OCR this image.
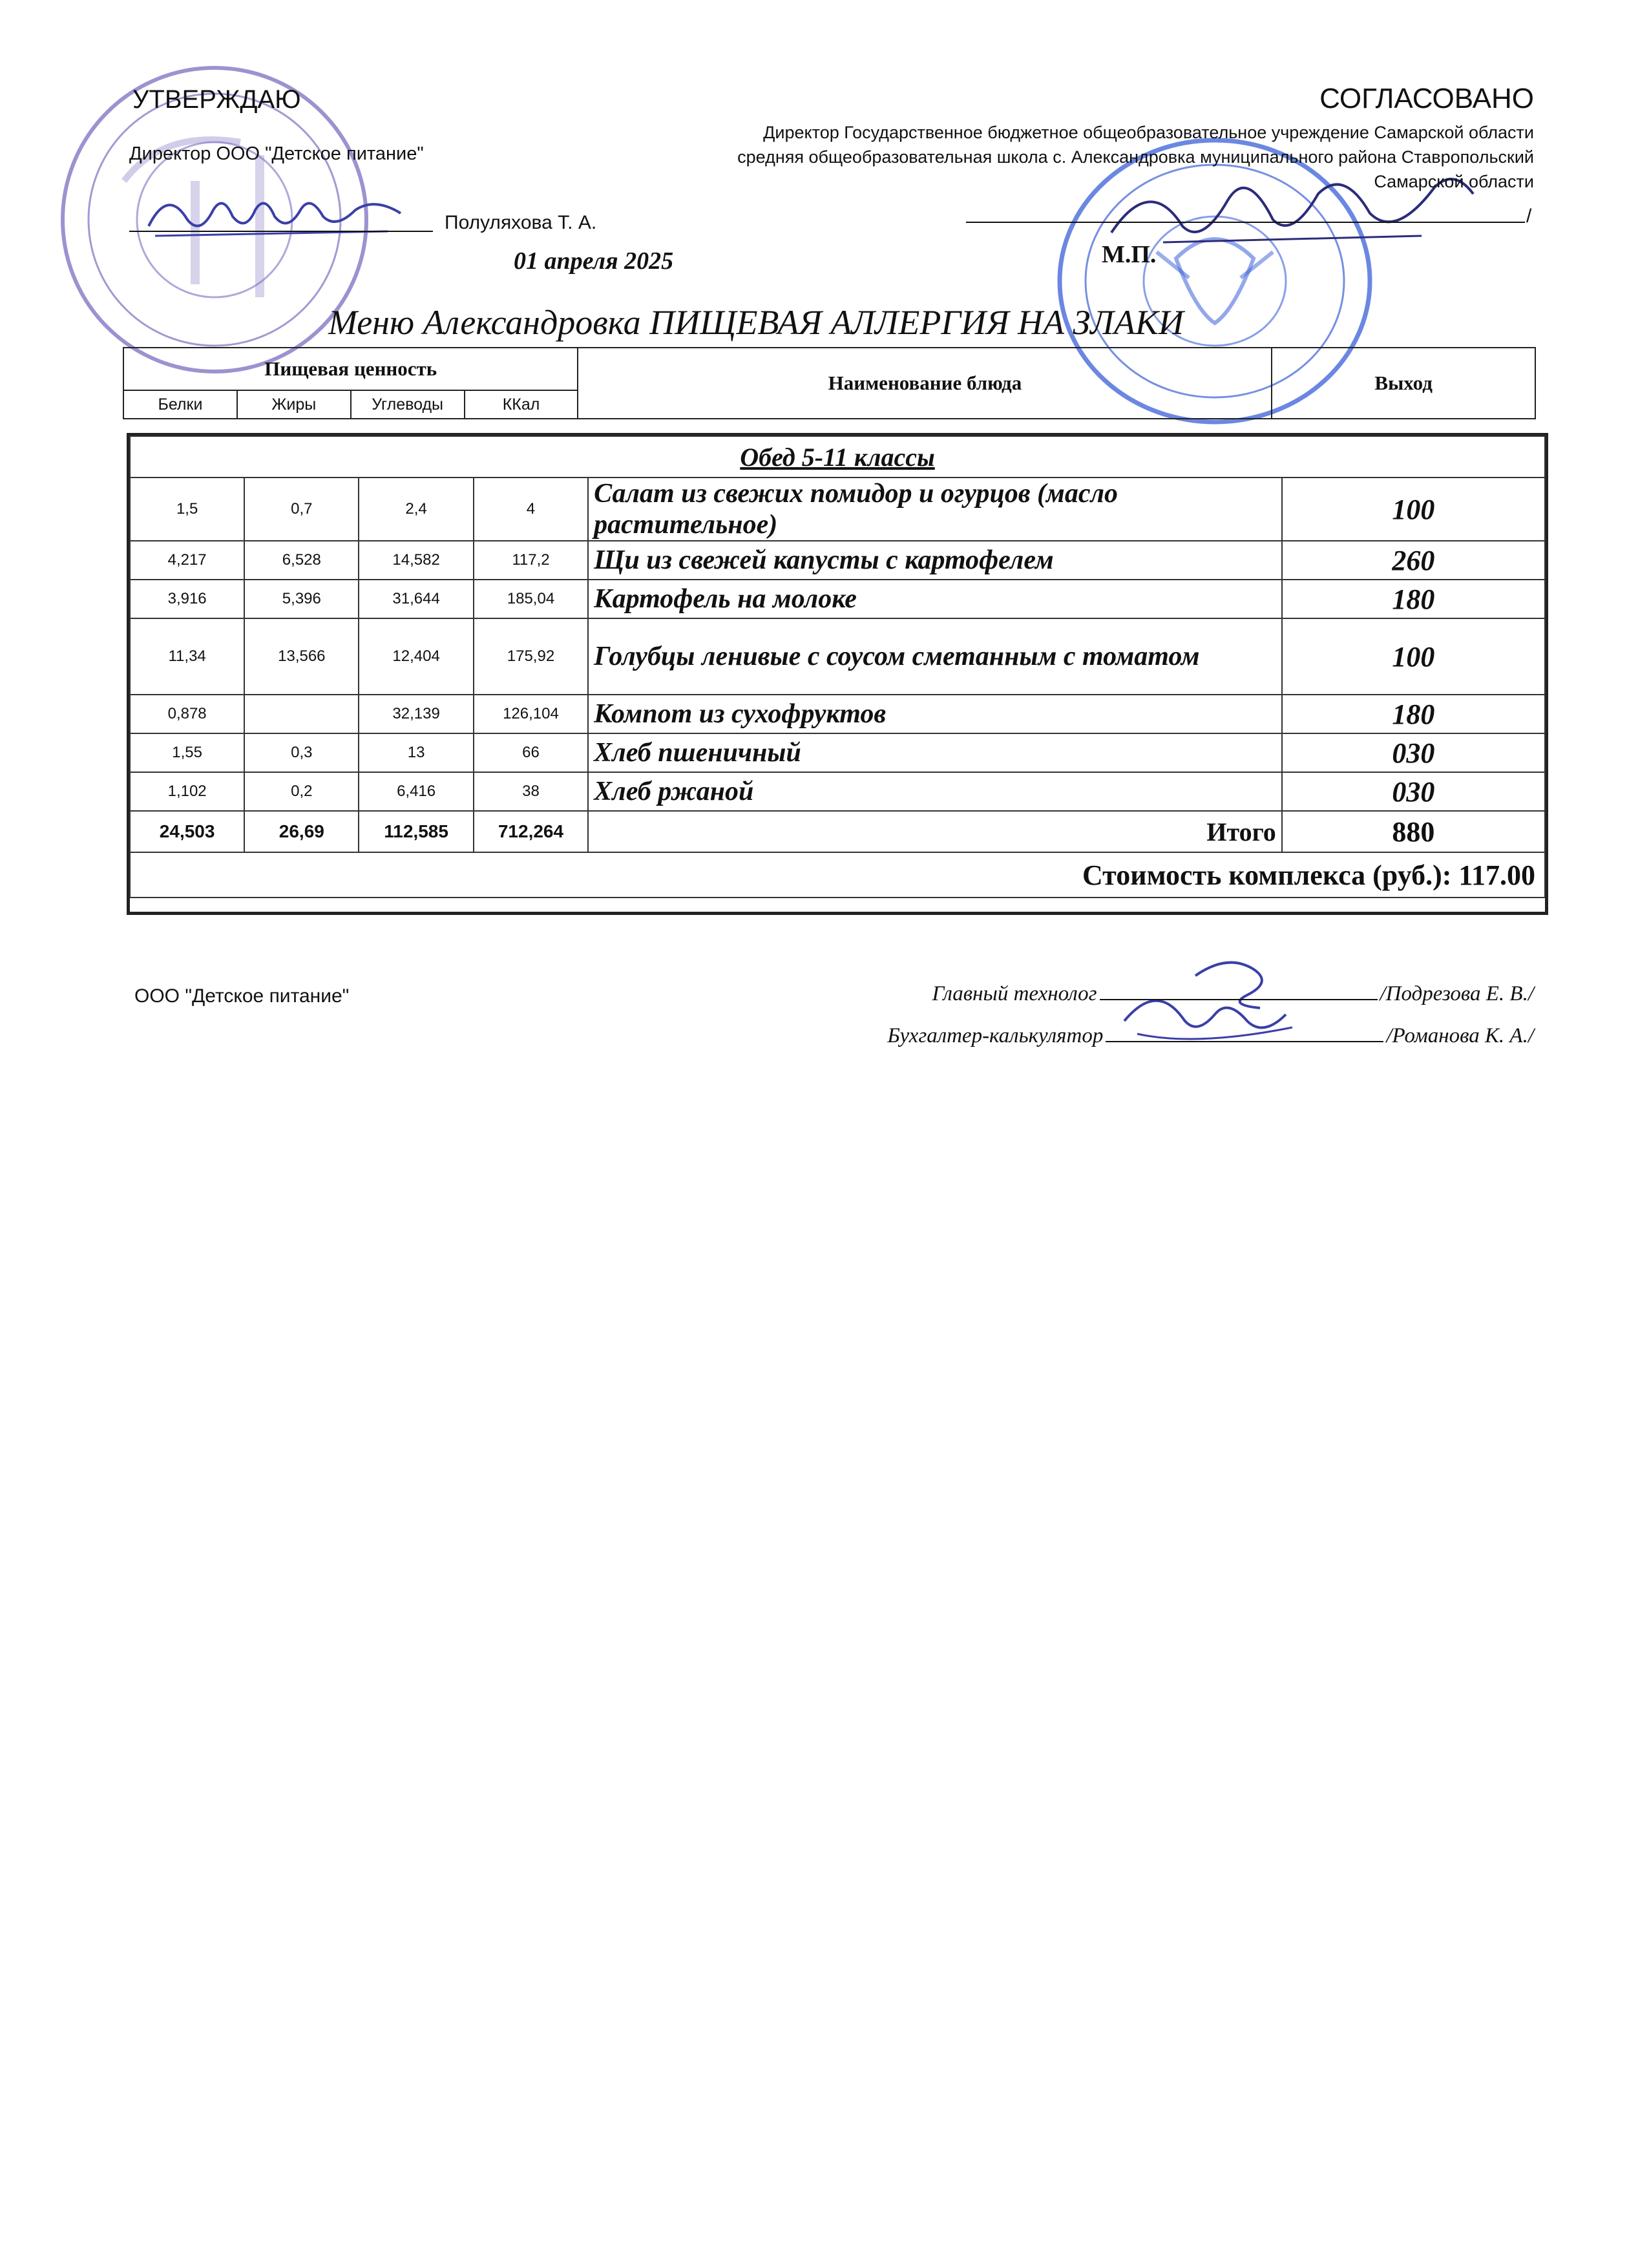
УТВЕРЖДАЮ
Директор ООО "Детское питание"
Полуляхова Т. А.
01 апреля 2025
СОГЛАСОВАНО
Директор Государственное бюджетное общеобразовательное учреждение Самарской области средняя общеобразовательная школа с. Александровка муниципального района Ставропольский Самарской области
/
М.П.
Меню Александровка ПИЩЕВАЯ АЛЛЕРГИЯ НА ЗЛАКИ
Пищевая ценность				Наименование блюда	Выход
Белки	Жиры	Углеводы	ККал		
Обед 5-11 классы					
1,5	0,7	2,4	4	Салат из свежих помидор и огурцов (масло растительное)	100
4,217	6,528	14,582	117,2	Щи из свежей капусты с картофелем	260
3,916	5,396	31,644	185,04	Картофель на молоке	180
11,34	13,566	12,404	175,92	Голубцы ленивые с соусом сметанным с томатом	100
0,878		32,139	126,104	Компот из сухофруктов	180
1,55	0,3	13	66	Хлеб пшеничный	030
1,102	0,2	6,416	38	Хлеб ржаной	030
24,503	26,69	112,585	712,264	Итого	880
Стоимость комплекса (руб.): 117.00					
ООО "Детское питание"	Главный технолог	/Подрезова Е. В./
Бухгалтер-калькулятор	/Романова К. А./
